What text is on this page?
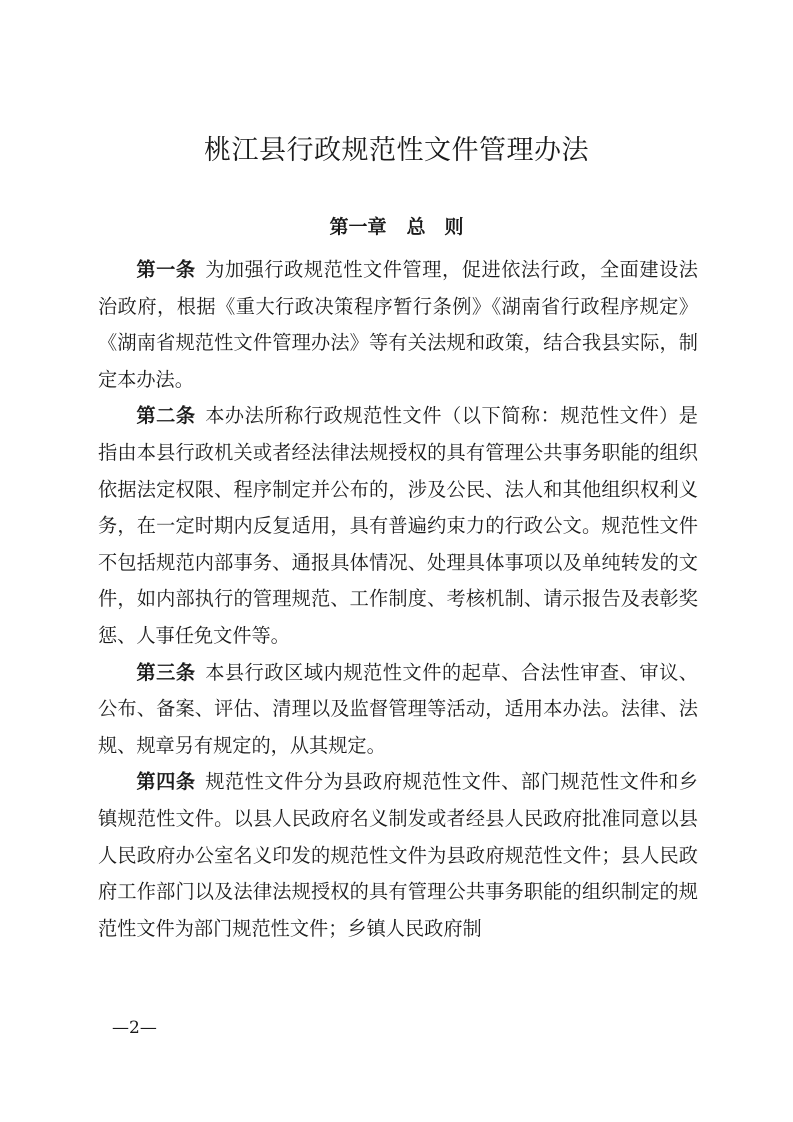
桃江县行政规范性文件管理办法
第一章 总　则

第一条 为加强行政规范性文件管理，促进依法行政，全面建设法治政府，根据《重大行政决策程序暂行条例》《湖南省行政程序规定》《湖南省规范性文件管理办法》等有关法规和政策，结合我县实际，制定本办法。

第二条 本办法所称行政规范性文件（以下简称：规范性文件）是指由本县行政机关或者经法律法规授权的具有管理公共事务职能的组织依据法定权限、程序制定并公布的，涉及公民、法人和其他组织权利义务，在一定时期内反复适用，具有普遍约束力的行政公文。规范性文件不包括规范内部事务、通报具体情况、处理具体事项以及单纯转发的文件，如内部执行的管理规范、工作制度、考核机制、请示报告及表彰奖惩、人事任免文件等。

第三条 本县行政区域内规范性文件的起草、合法性审查、审议、公布、备案、评估、清理以及监督管理等活动，适用本办法。法律、法规、规章另有规定的，从其规定。

第四条 规范性文件分为县政府规范性文件、部门规范性文件和乡镇规范性文件。以县人民政府名义制发或者经县人民政府批准同意以县人民政府办公室名义印发的规范性文件为县政府规范性文件；县人民政府工作部门以及法律法规授权的具有管理公共事务职能的组织制定的规范性文件为部门规范性文件；乡镇人民政府制

—2—
